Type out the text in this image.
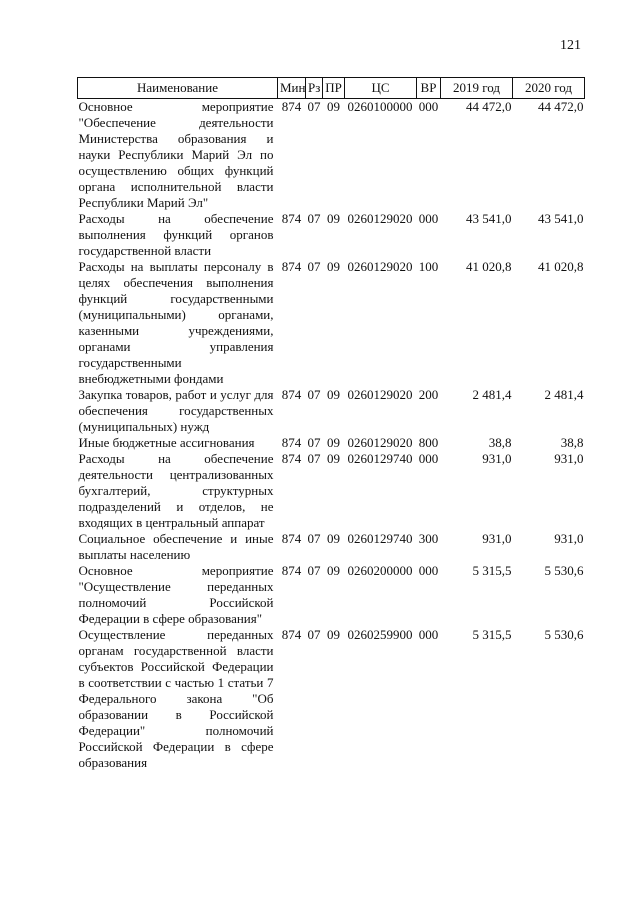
121
Наименование	Мин	Рз	ПР	ЦС	ВР	2019 год	2020 год
Основное мероприятие "Обеспечение деятельности Министерства образования и науки Республики Марий Эл по осуществлению общих функций органа исполнительной власти Республики Марий Эл"	874	07	09	0260100000	000	44 472,0	44 472,0
Расходы на обеспечение выполнения функций органов государственной власти	874	07	09	0260129020	000	43 541,0	43 541,0
Расходы на выплаты персоналу в целях обеспечения выполнения функций государственными (муниципальными) органами, казенными учреждениями, органами управления государственными внебюджетными фондами	874	07	09	0260129020	100	41 020,8	41 020,8
Закупка товаров, работ и услуг для обеспечения государственных (муниципальных) нужд	874	07	09	0260129020	200	2 481,4	2 481,4
Иные бюджетные ассигнования	874	07	09	0260129020	800	38,8	38,8
Расходы на обеспечение деятельности централизованных бухгалтерий, структурных подразделений и отделов, не входящих в центральный аппарат	874	07	09	0260129740	000	931,0	931,0
Социальное обеспечение и иные выплаты населению	874	07	09	0260129740	300	931,0	931,0
Основное мероприятие "Осуществление переданных полномочий Российской Федерации в сфере образования"	874	07	09	0260200000	000	5 315,5	5 530,6
Осуществление переданных органам государственной власти субъектов Российской Федерации в соответствии с частью 1 статьи 7 Федерального закона "Об образовании в Российской Федерации" полномочий Российской Федерации в сфере образования	874	07	09	0260259900	000	5 315,5	5 530,6
